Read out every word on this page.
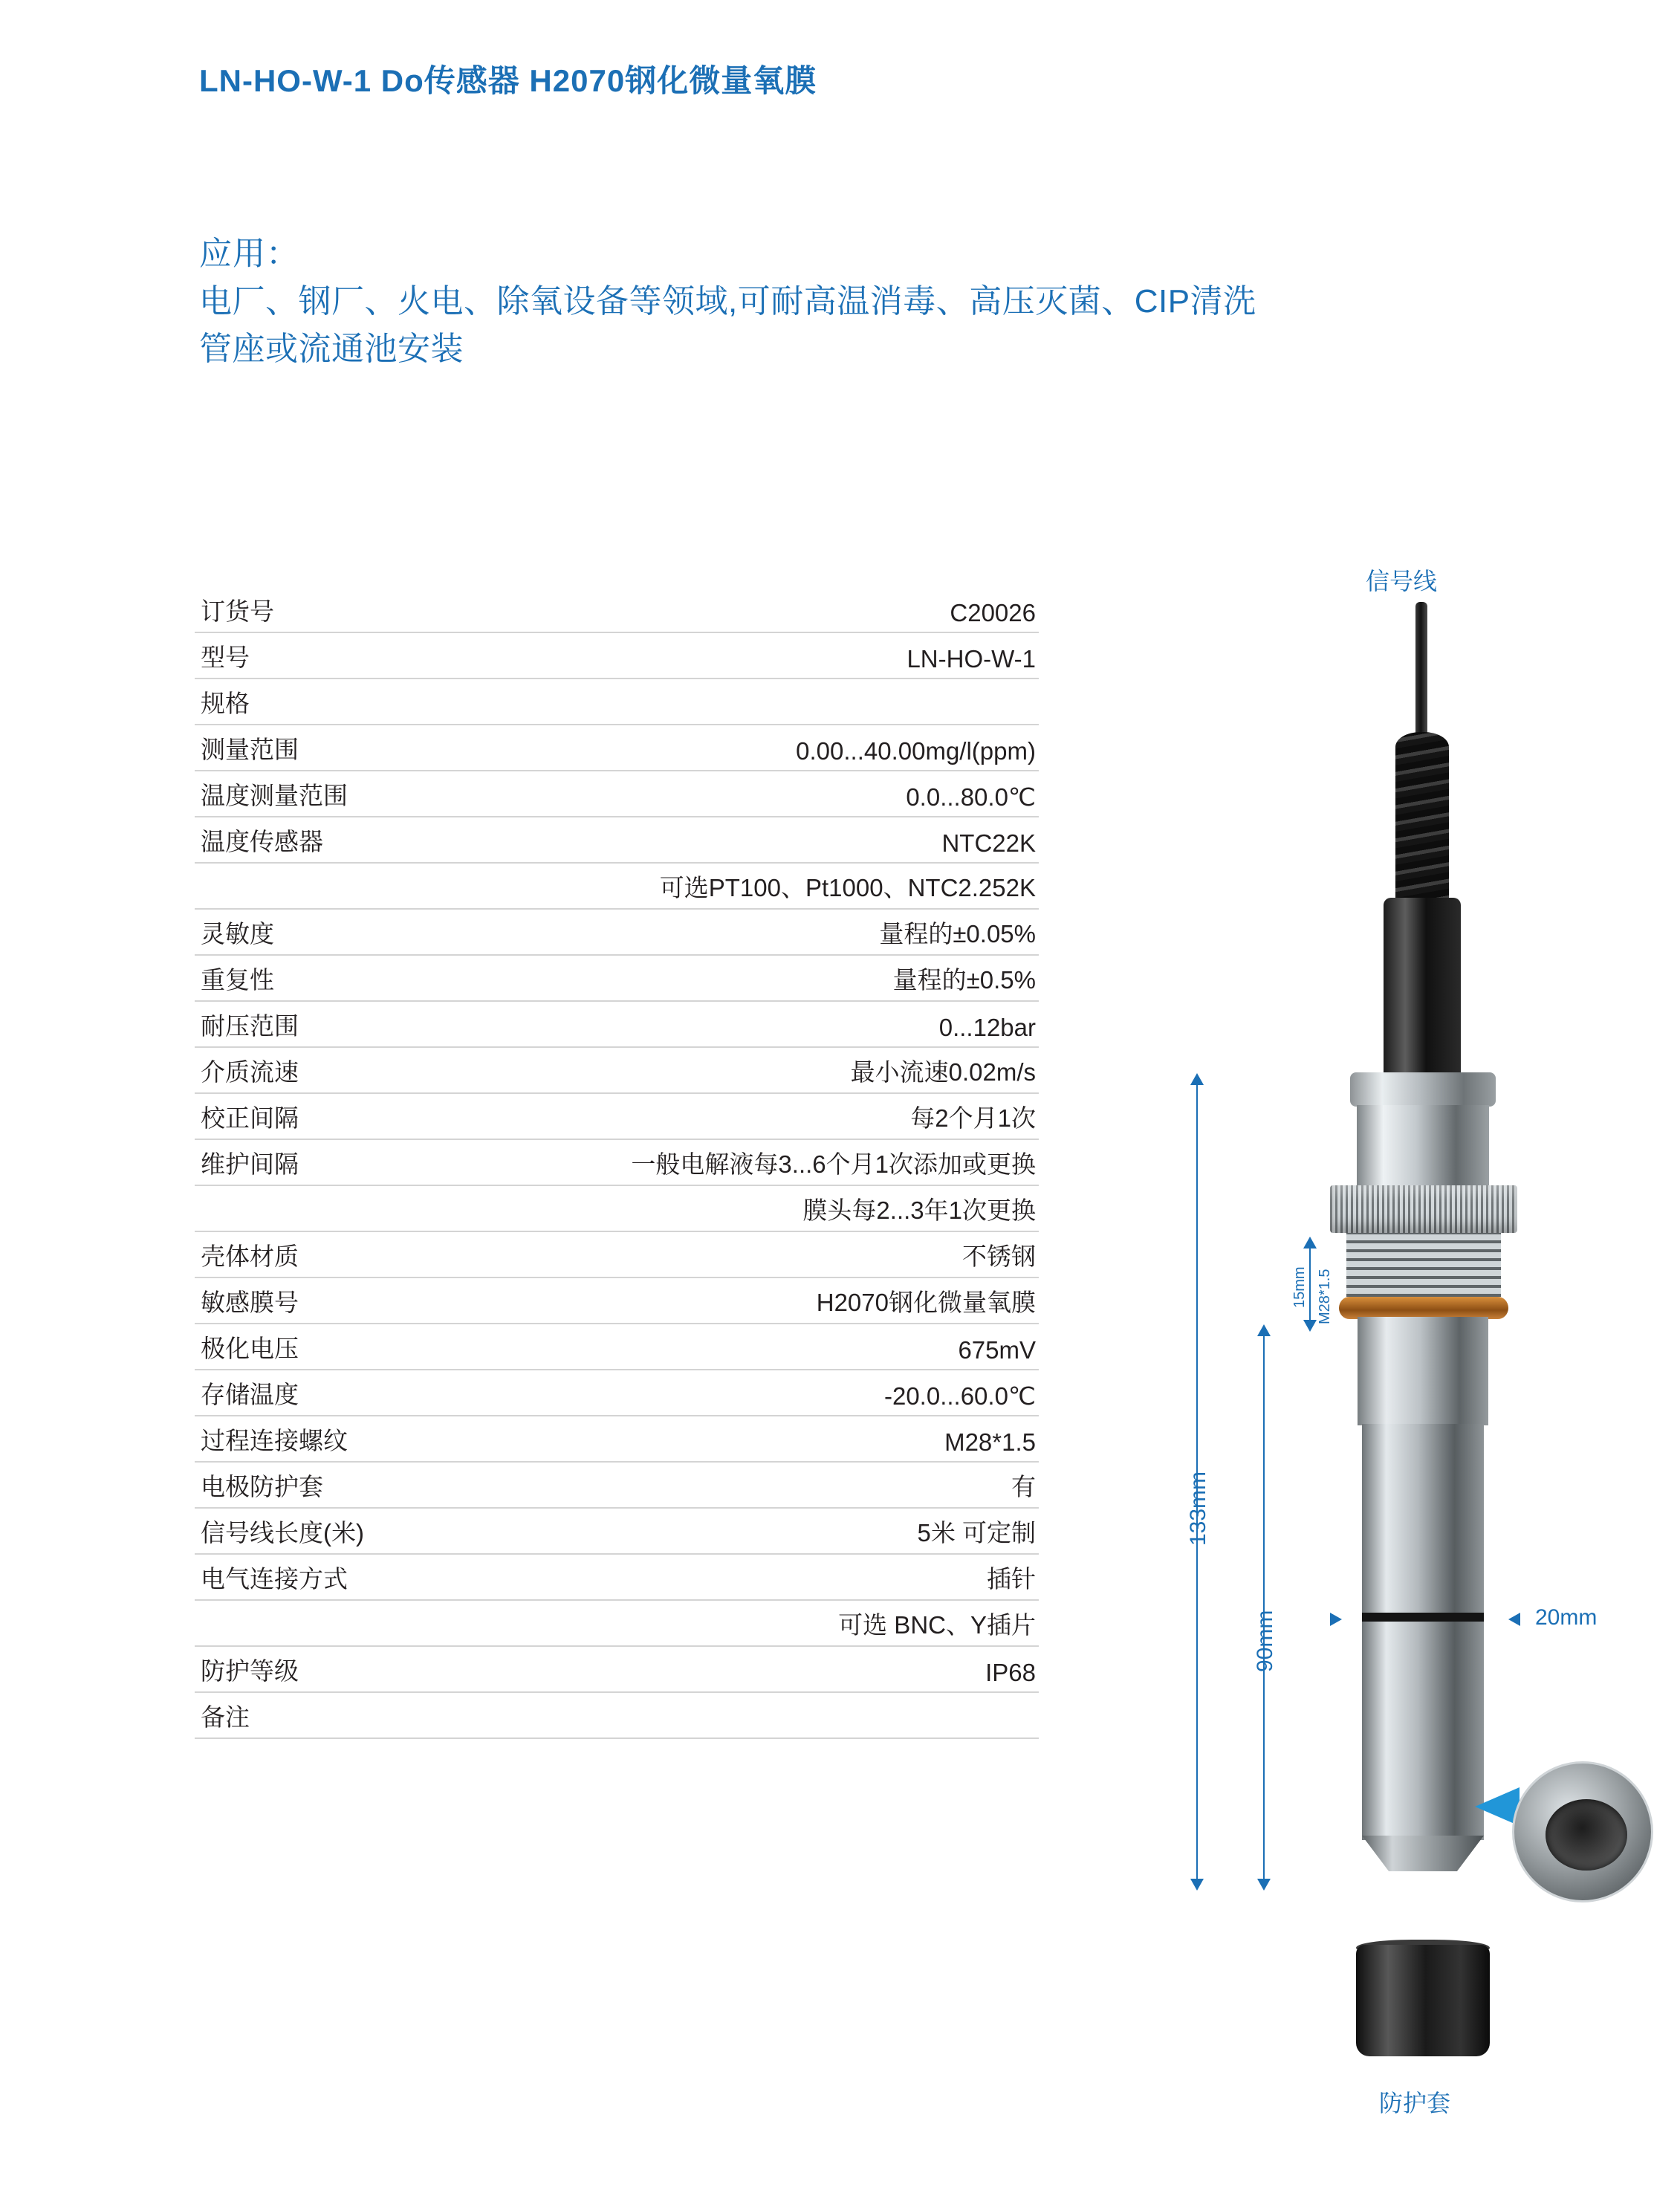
LN-HO-W-1 Do传感器 H2070钢化微量氧膜
应用：
电厂、钢厂、火电、除氧设备等领域,可耐高温消毒、高压灭菌、CIP清洗
管座或流通池安装
订货号	C20026
型号	LN-HO-W-1
规格
测量范围	0.00...40.00mg/l(ppm)
温度测量范围	0.0...80.0℃
温度传感器	NTC22K
可选PT100、Pt1000、NTC2.252K
灵敏度	量程的±0.05%
重复性	量程的±0.5%
耐压范围	0...12bar
介质流速	最小流速0.02m/s
校正间隔	每2个月1次
维护间隔	一般电解液每3...6个月1次添加或更换
膜头每2...3年1次更换
壳体材质	不锈钢
敏感膜号	H2070钢化微量氧膜
极化电压	675mV
存储温度	-20.0...60.0℃
过程连接螺纹	M28*1.5
电极防护套	有
信号线长度(米)	5米 可定制
电气连接方式	插针
可选 BNC、Y插片
防护等级	IP68
备注
信号线
防护套
133mm
90mm
15mm M28*1.5
20mm
